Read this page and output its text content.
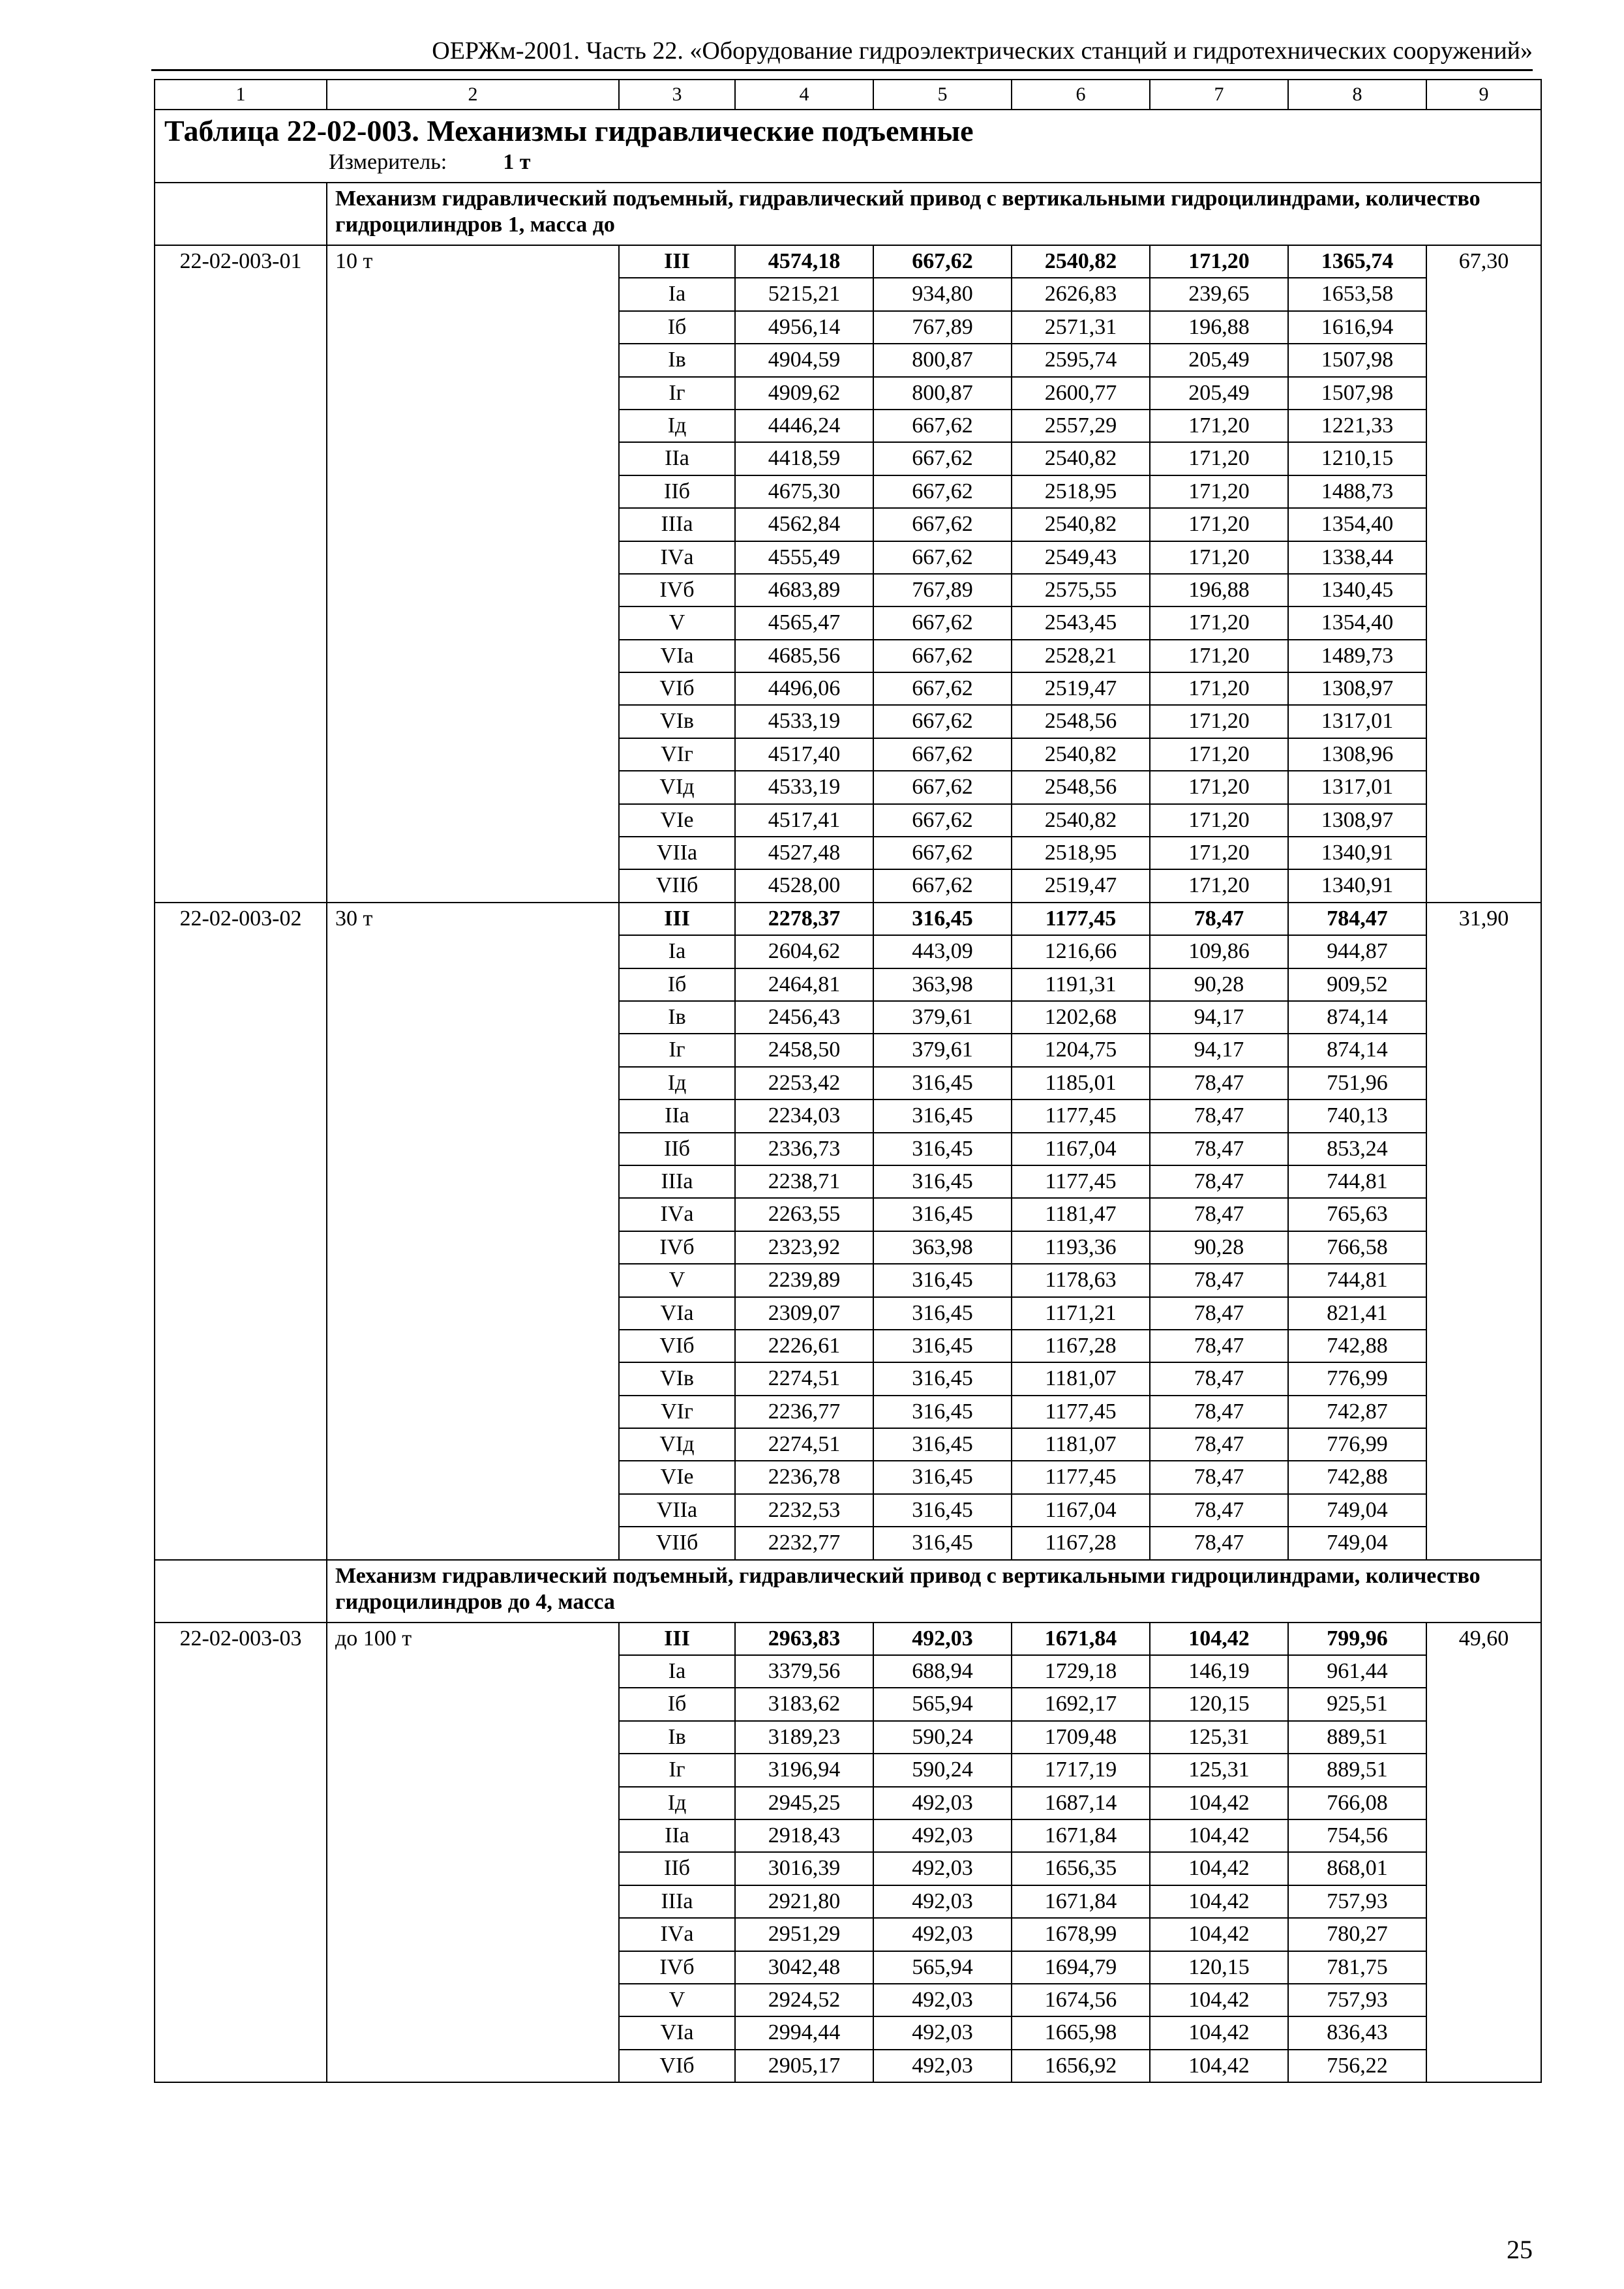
ОЕРЖм-2001. Часть 22. «Оборудование гидроэлектрических станций и гидротехнических сооружений»
1	2	3	4	5	6	7	8	9

Таблица 22-02-003. Механизмы гидравлические подъемные
Измеритель: 1 т								

	Механизм гидравлический подъемный, гидравлический привод с вертикальными гидроцилиндрами, количество гидроцилиндров 1, масса до							

22-02-003-01	10 т	III	4574,18	667,62	2540,82	171,20	1365,74	67,30
		Iа	5215,21	934,80	2626,83	239,65	1653,58	
		Iб	4956,14	767,89	2571,31	196,88	1616,94	
		Iв	4904,59	800,87	2595,74	205,49	1507,98	
		Iг	4909,62	800,87	2600,77	205,49	1507,98	
		Iд	4446,24	667,62	2557,29	171,20	1221,33	
		IIа	4418,59	667,62	2540,82	171,20	1210,15	
		IIб	4675,30	667,62	2518,95	171,20	1488,73	
		IIIа	4562,84	667,62	2540,82	171,20	1354,40	
		IVа	4555,49	667,62	2549,43	171,20	1338,44	
		IVб	4683,89	767,89	2575,55	196,88	1340,45	
		V	4565,47	667,62	2543,45	171,20	1354,40	
		VIа	4685,56	667,62	2528,21	171,20	1489,73	
		VIб	4496,06	667,62	2519,47	171,20	1308,97	
		VIв	4533,19	667,62	2548,56	171,20	1317,01	
		VIг	4517,40	667,62	2540,82	171,20	1308,96	
		VIд	4533,19	667,62	2548,56	171,20	1317,01	
		VIе	4517,41	667,62	2540,82	171,20	1308,97	
		VIIа	4527,48	667,62	2518,95	171,20	1340,91	
		VIIб	4528,00	667,62	2519,47	171,20	1340,91	
22-02-003-02	30 т	III	2278,37	316,45	1177,45	78,47	784,47	31,90
		Iа	2604,62	443,09	1216,66	109,86	944,87	
		Iб	2464,81	363,98	1191,31	90,28	909,52	
		Iв	2456,43	379,61	1202,68	94,17	874,14	
		Iг	2458,50	379,61	1204,75	94,17	874,14	
		Iд	2253,42	316,45	1185,01	78,47	751,96	
		IIа	2234,03	316,45	1177,45	78,47	740,13	
		IIб	2336,73	316,45	1167,04	78,47	853,24	
		IIIа	2238,71	316,45	1177,45	78,47	744,81	
		IVа	2263,55	316,45	1181,47	78,47	765,63	
		IVб	2323,92	363,98	1193,36	90,28	766,58	
		V	2239,89	316,45	1178,63	78,47	744,81	
		VIа	2309,07	316,45	1171,21	78,47	821,41	
		VIб	2226,61	316,45	1167,28	78,47	742,88	
		VIв	2274,51	316,45	1181,07	78,47	776,99	
		VIг	2236,77	316,45	1177,45	78,47	742,87	
		VIд	2274,51	316,45	1181,07	78,47	776,99	
		VIе	2236,78	316,45	1177,45	78,47	742,88	
		VIIа	2232,53	316,45	1167,04	78,47	749,04	
		VIIб	2232,77	316,45	1167,28	78,47	749,04	

	Механизм гидравлический подъемный, гидравлический привод с вертикальными гидроцилиндрами, количество гидроцилиндров до 4, масса							

22-02-003-03	до 100 т	III	2963,83	492,03	1671,84	104,42	799,96	49,60
		Iа	3379,56	688,94	1729,18	146,19	961,44	
		Iб	3183,62	565,94	1692,17	120,15	925,51	
		Iв	3189,23	590,24	1709,48	125,31	889,51	
		Iг	3196,94	590,24	1717,19	125,31	889,51	
		Iд	2945,25	492,03	1687,14	104,42	766,08	
		IIа	2918,43	492,03	1671,84	104,42	754,56	
		IIб	3016,39	492,03	1656,35	104,42	868,01	
		IIIа	2921,80	492,03	1671,84	104,42	757,93	
		IVа	2951,29	492,03	1678,99	104,42	780,27	
		IVб	3042,48	565,94	1694,79	120,15	781,75	
		V	2924,52	492,03	1674,56	104,42	757,93	
		VIа	2994,44	492,03	1665,98	104,42	836,43	
		VIб	2905,17	492,03	1656,92	104,42	756,22	
25
